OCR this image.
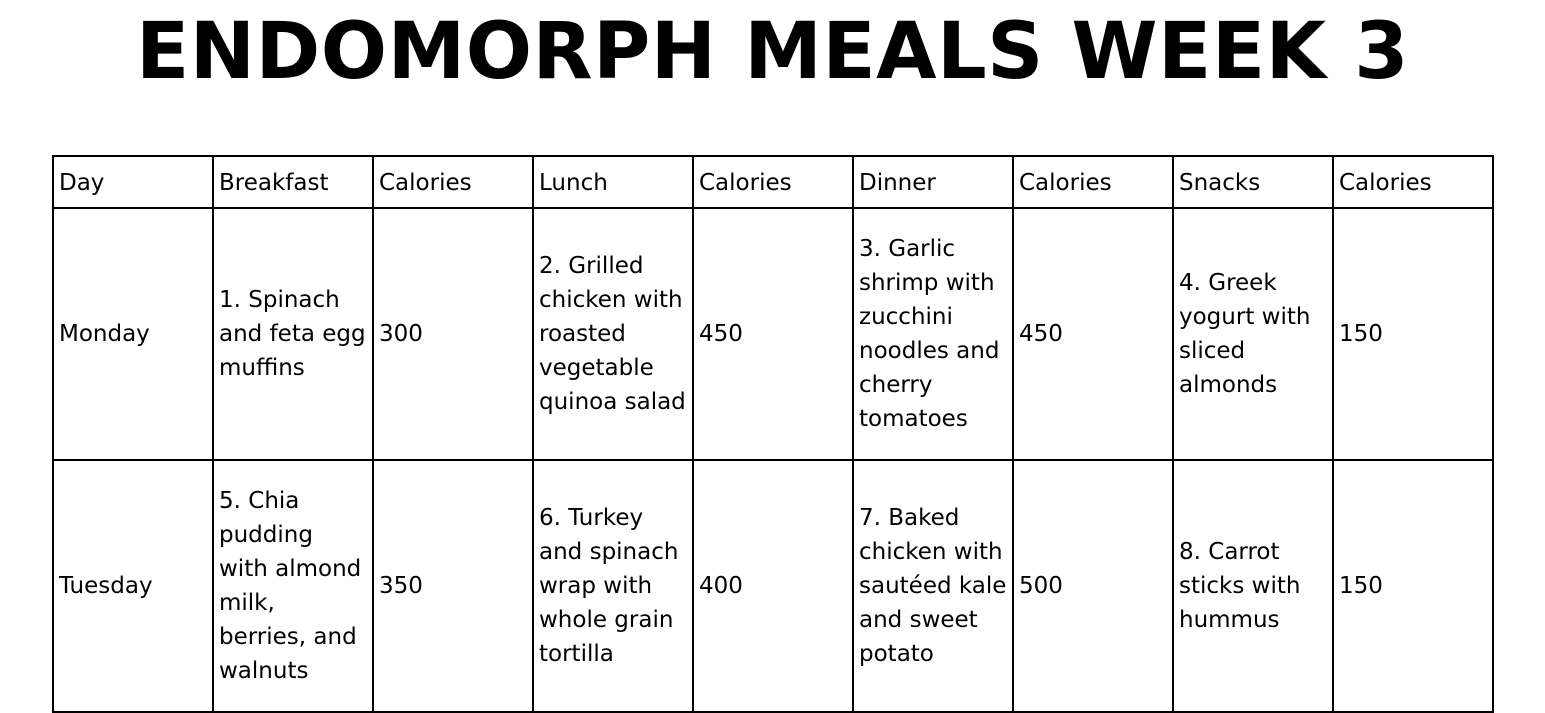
ENDOMORPH MEALS WEEK 3
Day	Breakfast	Calories	Lunch	Calories	Dinner	Calories	Snacks	Calories
Monday	1. Spinach and feta egg muffins	300	2. Grilled chicken with roasted vegetable quinoa salad	450	3. Garlic shrimp with zucchini noodles and cherry tomatoes	450	4. Greek yogurt with sliced almonds	150
Tuesday	5. Chia pudding with almond milk, berries, and walnuts	350	6. Turkey and spinach wrap with whole grain tortilla	400	7. Baked chicken with sautéed kale and sweet potato	500	8. Carrot sticks with hummus	150
